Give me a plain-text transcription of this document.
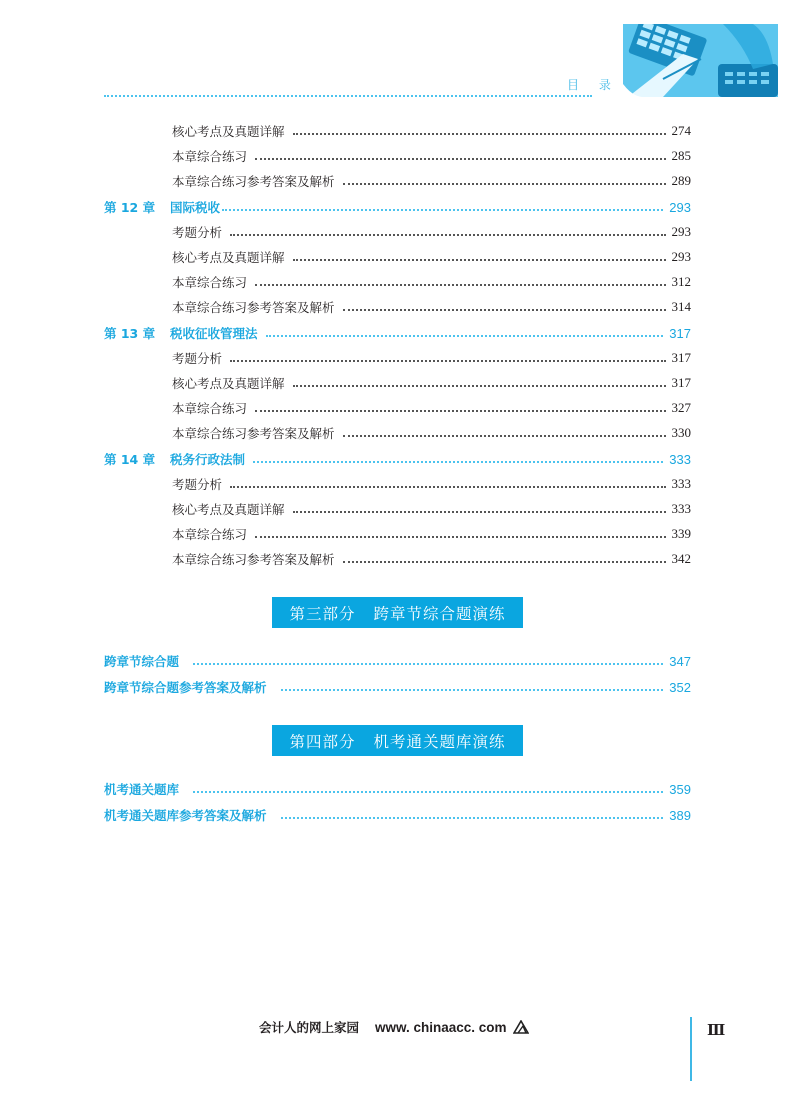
目 录
核心考点及真题详解	274
本章综合练习	285
本章综合练习参考答案及解析	289
第 12 章 国际税收	293
考题分析	293
核心考点及真题详解	293
本章综合练习	312
本章综合练习参考答案及解析	314
第 13 章 税收征收管理法	317
考题分析	317
核心考点及真题详解	317
本章综合练习	327
本章综合练习参考答案及解析	330
第 14 章 税务行政法制	333
考题分析	333
核心考点及真题详解	333
本章综合练习	339
本章综合练习参考答案及解析	342
第三部分 跨章节综合题演练
跨章节综合题	347
跨章节综合题参考答案及解析	352
第四部分 机考通关题库演练
机考通关题库	359
机考通关题库参考答案及解析	389
会计人的网上家园 www. chinaacc. com	Ⅲ
